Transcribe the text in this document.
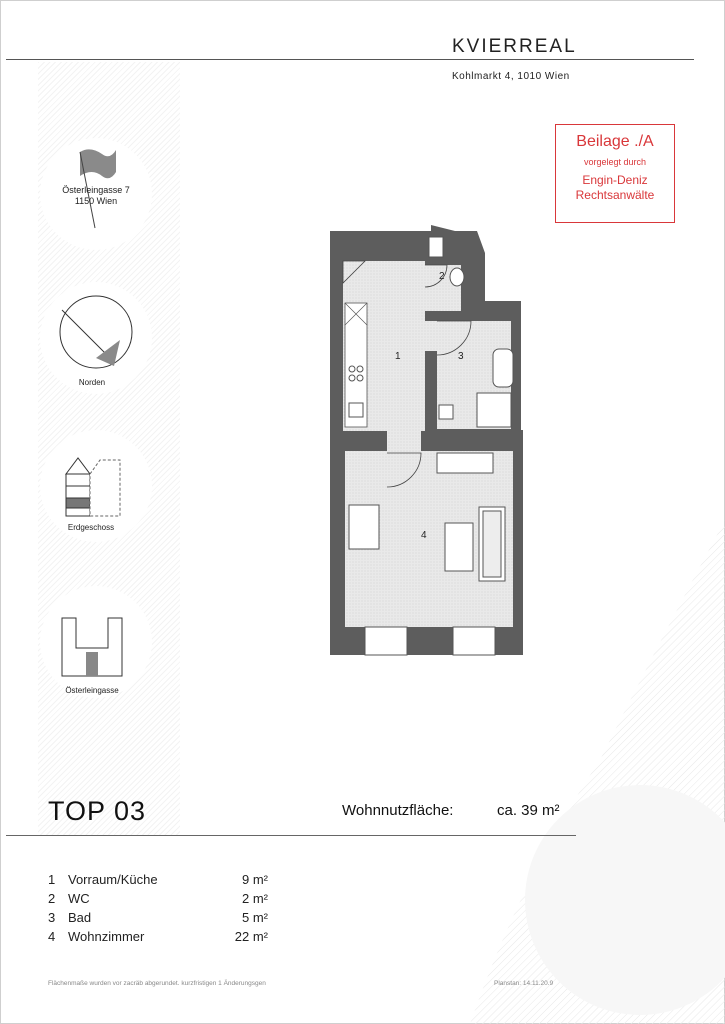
KVIERREAL
Kohlmarkt 4, 1010 Wien
Beilage ./A
vorgelegt durch
Engin-Deniz
Rechtsanwälte
Österleingasse 7
1150 Wien
Norden
Erdgeschoss
Österleingasse
1
2
3
4
TOP 03	Wohnnutzfläche:	ca. 39 m²
1 Vorraum/Küche	9 m²
2 WC	2 m²
3 Bad	5 m²
4 Wohnzimmer	22 m²
Flächenmaße wurden vor zacräb abgerundet. kurzfristigen 1 Änderungsgen	Planstan: 14.11.20.9
